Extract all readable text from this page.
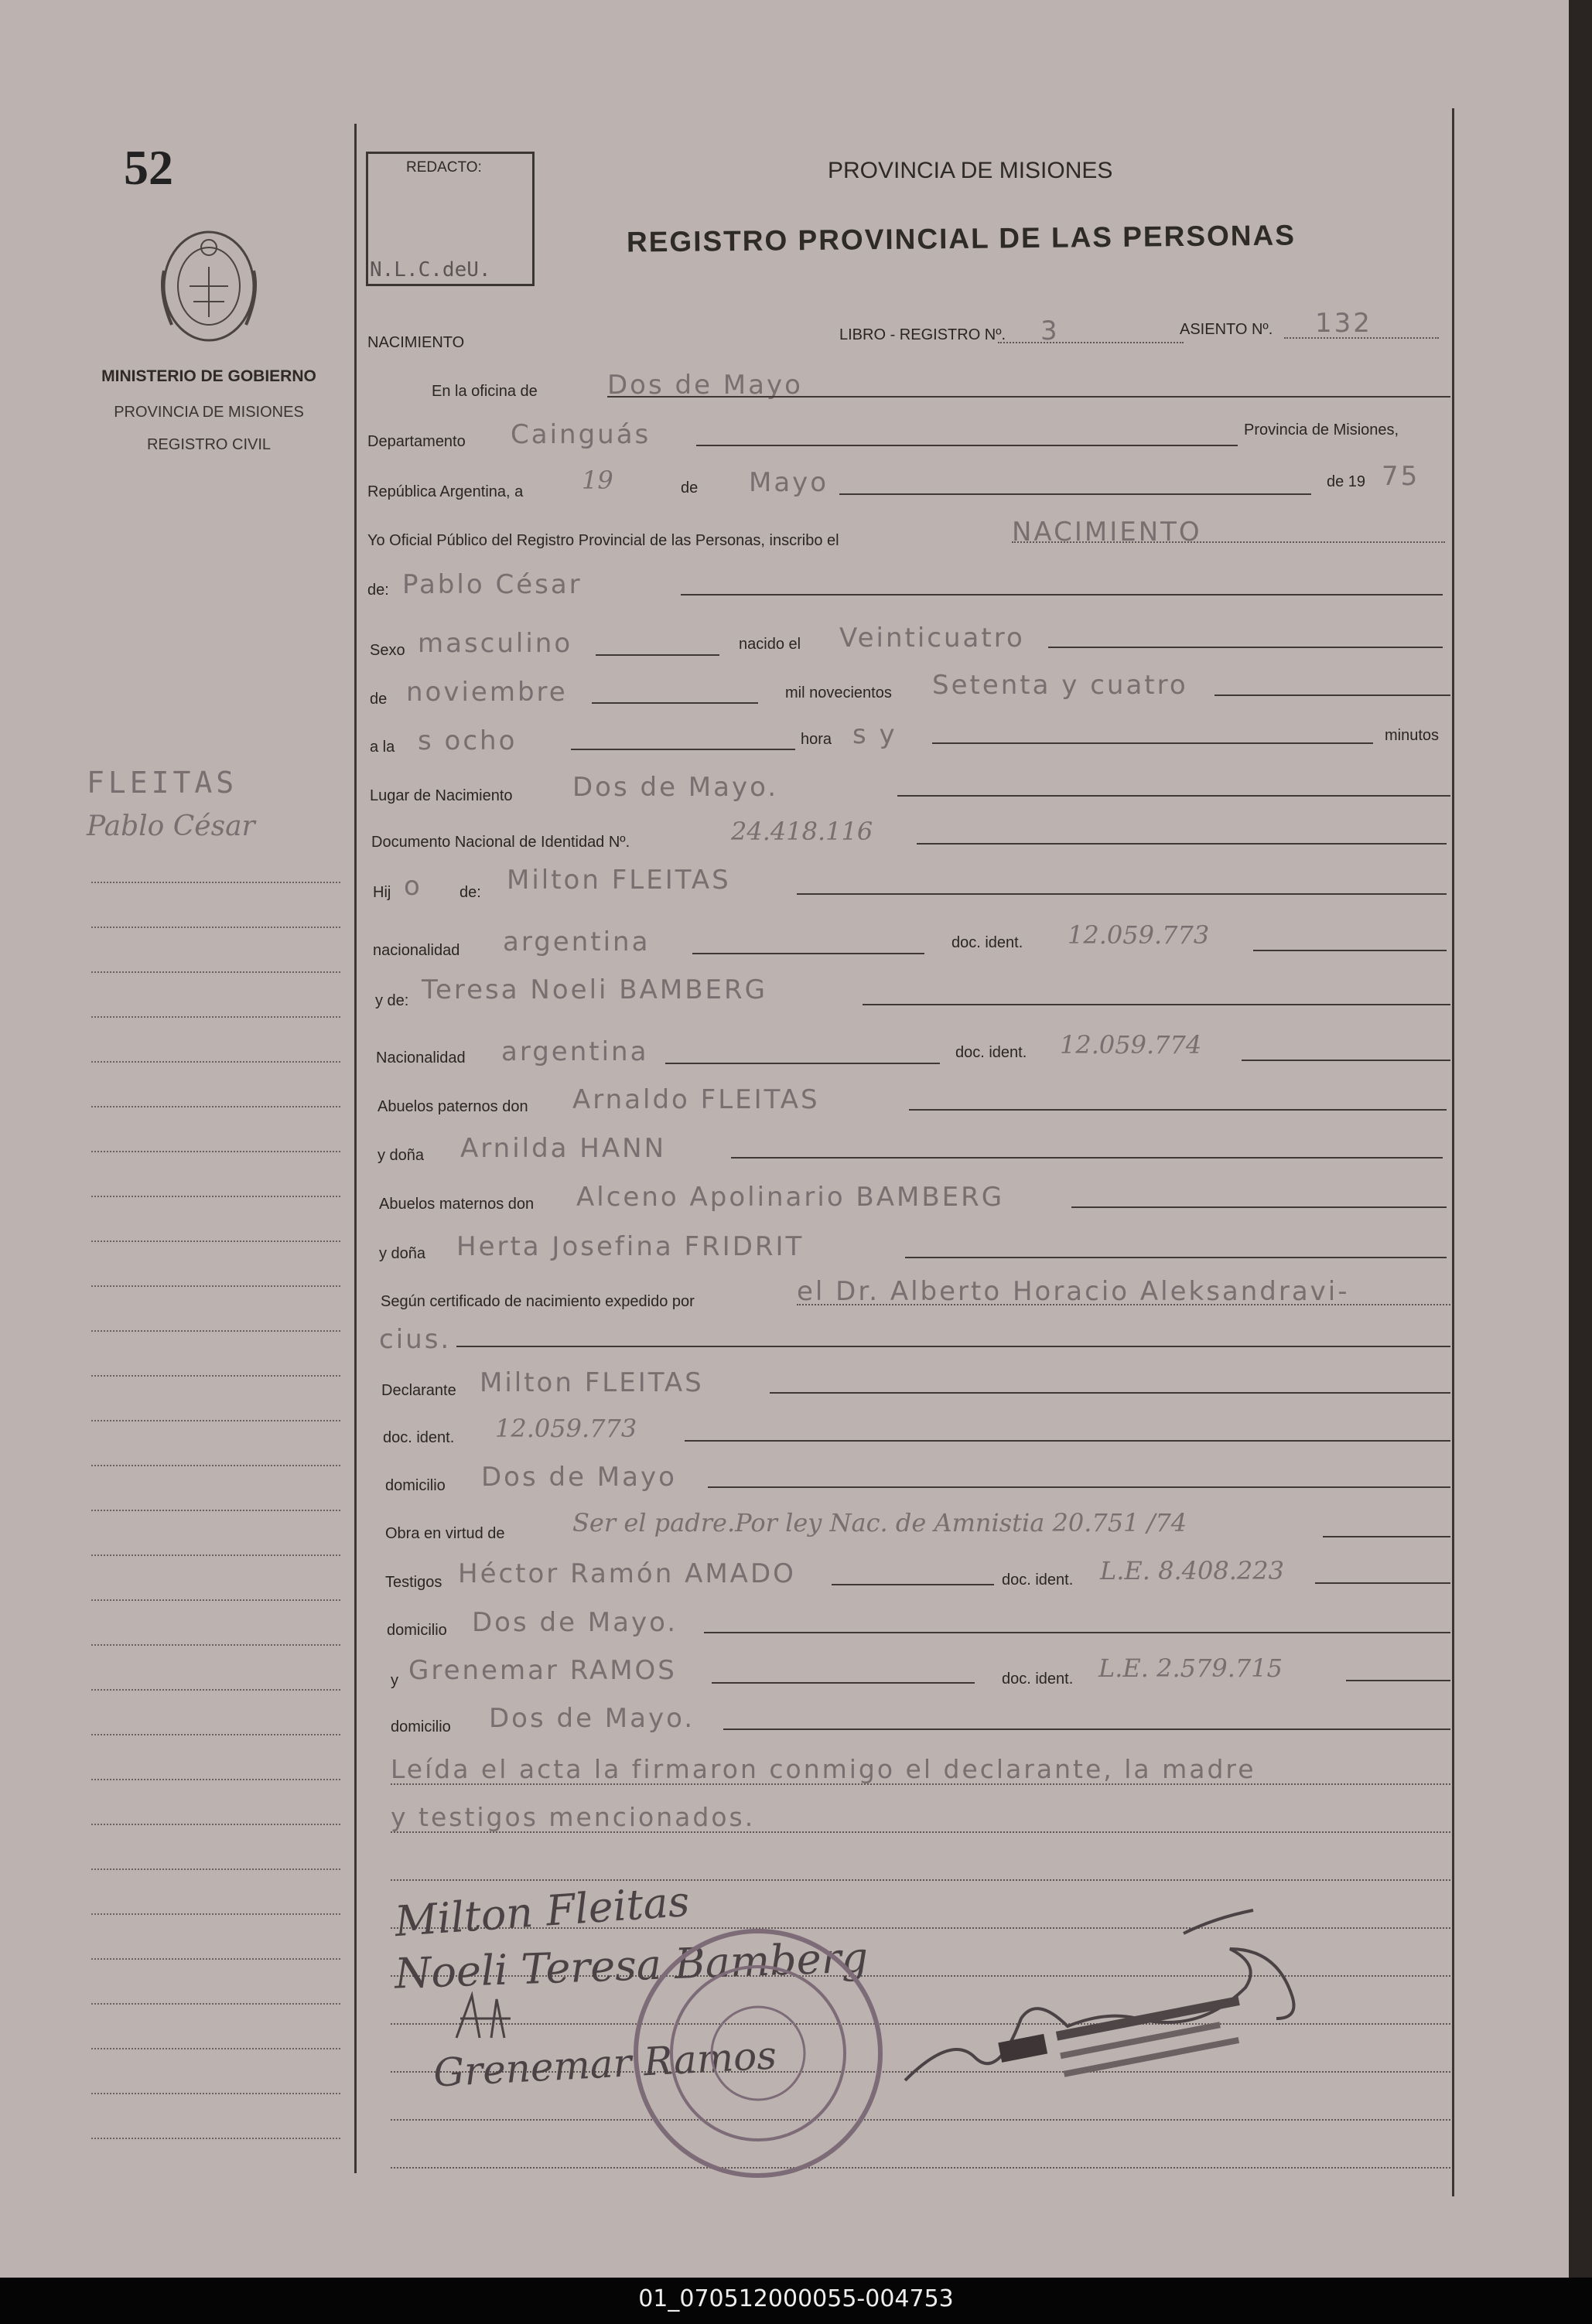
52
MINISTERIO DE GOBIERNO
PROVINCIA DE MISIONES
REGISTRO CIVIL
FLEITAS
Pablo César
REDACTO:
N.L.C.deU.
PROVINCIA DE MISIONES
REGISTRO PROVINCIAL DE LAS PERSONAS
NACIMIENTO	LIBRO - REGISTRO Nº. 3	ASIENTO Nº. 132
En la oficina de	Dos de Mayo
Departamento Cainguás	Provincia de Misiones,
República Argentina, a 19	de Mayo	de 19 75
Yo Oficial Público del Registro Provincial de las Personas, inscribo el	NACIMIENTO
de: Pablo César
Sexo masculino	nacido el Veinticuatro
de noviembre	mil novecientos Setenta y cuatro
a la s ocho	hora s y	minutos
Lugar de Nacimiento Dos de Mayo.
Documento Nacional de Identidad Nº.	24.418.116
Hij o de: Milton FLEITAS
nacionalidad argentina	doc. ident. 12.059.773
y de: Teresa Noeli BAMBERG
Nacionalidad argentina	doc. ident. 12.059.774
Abuelos paternos don Arnaldo FLEITAS
y doña Arnilda HANN
Abuelos maternos don Alceno Apolinario BAMBERG
y doña Herta Josefina FRIDRIT
Según certificado de nacimiento expedido por	el Dr. Alberto Horacio Aleksandravi-
cius.
Declarante Milton FLEITAS
doc. ident. 12.059.773
domicilio Dos de Mayo
Obra en virtud de	Ser el padre.Por ley Nac. de Amnistia 20.751 /74
Testigos Héctor Ramón AMADO	doc. ident. L.E. 8.408.223
domicilio Dos de Mayo.
y Grenemar RAMOS	doc. ident. L.E. 2.579.715
domicilio Dos de Mayo.
Leída el acta la firmaron conmigo el declarante, la madre
y testigos mencionados.
Milton Fleitas
Noeli Teresa Bamberg
Grenemar Ramos
01_070512000055-004753
